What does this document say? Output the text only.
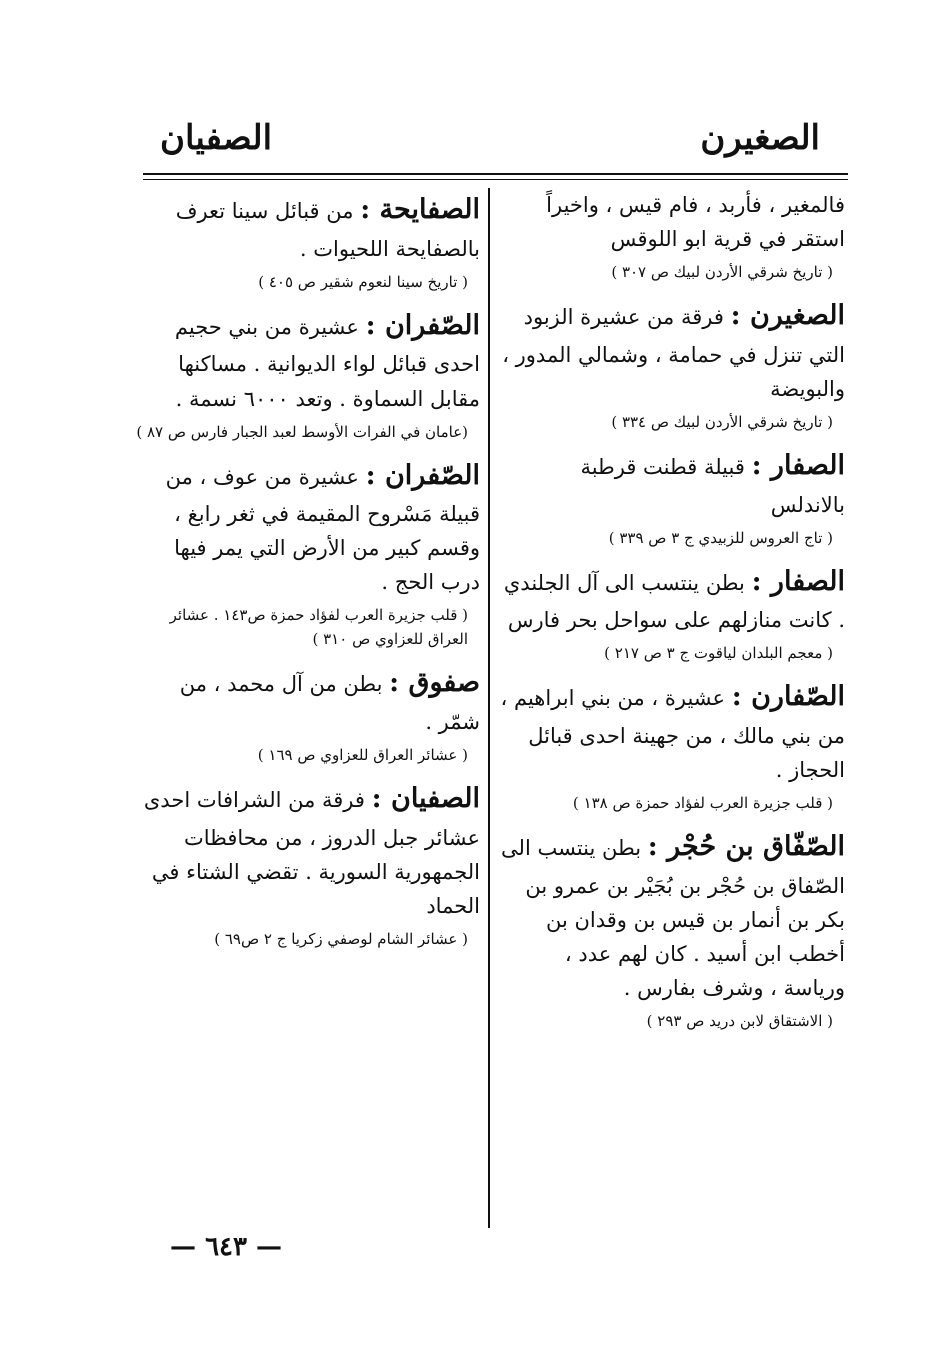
الصغيرن
الصفيان
فالمغير ، فأربد ، فام قيس ، واخيراً استقر في قرية ابو اللوقس
( تاريخ شرقي الأردن لبيك ص ٣٠٧ )
الصغيرن : فرقة من عشيرة الزبود التي تنزل في حمامة ، وشمالي المدور ، والبويضة
( تاريخ شرقي الأردن لبيك ص ٣٣٤ )
الصفار : قبيلة قطنت قرطبة بالاندلس
( تاج العروس للزبيدي ج ٣ ص ٣٣٩ )
الصفار : بطن ينتسب الى آل الجلندي . كانت منازلهم على سواحل بحر فارس
( معجم البلدان لياقوت ج ٣ ص ٢١٧ )
الصّفارن : عشيرة ، من بني ابراهيم ، من بني مالك ، من جهينة احدى قبائل الحجاز .
( قلب جزيرة العرب لفؤاد حمزة ص ١٣٨ )
الصّفّاق بن حُجْر : بطن ينتسب الى الصّفاق بن حُجْر بن بُجَيْر بن عمرو بن بكر بن أنمار بن قيس بن وقدان بن أخطب ابن أسيد . كان لهم عدد ، ورياسة ، وشرف بفارس .
( الاشتقاق لابن دريد ص ٢٩٣ )
الصفايحة : من قبائل سينا تعرف بالصفايحة اللحيوات .
( تاريخ سينا لنعوم شقير ص ٤٠٥ )
الصّفران : عشيرة من بني حجيم احدى قبائل لواء الديوانية . مساكنها مقابل السماوة . وتعد ٦٠٠٠ نسمة .
(عامان في الفرات الأوسط لعبد الجبار فارس ص ٨٧ )
الصّفران : عشيرة من عوف ، من قبيلة مَسْروح المقيمة في ثغر رابغ ، وقسم كبير من الأرض التي يمر فيها درب الحج .
( قلب جزيرة العرب لفؤاد حمزة ص١٤٣ . عشائر العراق للعزاوي ص ٣١٠ )
صفوق : بطن من آل محمد ، من شمّر .
( عشائر العراق للعزاوي ص ١٦٩ )
الصفيان : فرقة من الشرافات احدى عشائر جبل الدروز ، من محافظات الجمهورية السورية . تقضي الشتاء في الحماد
( عشائر الشام لوصفي زكريا ج ٢ ص٦٩ )
— ٦٤٣ —
